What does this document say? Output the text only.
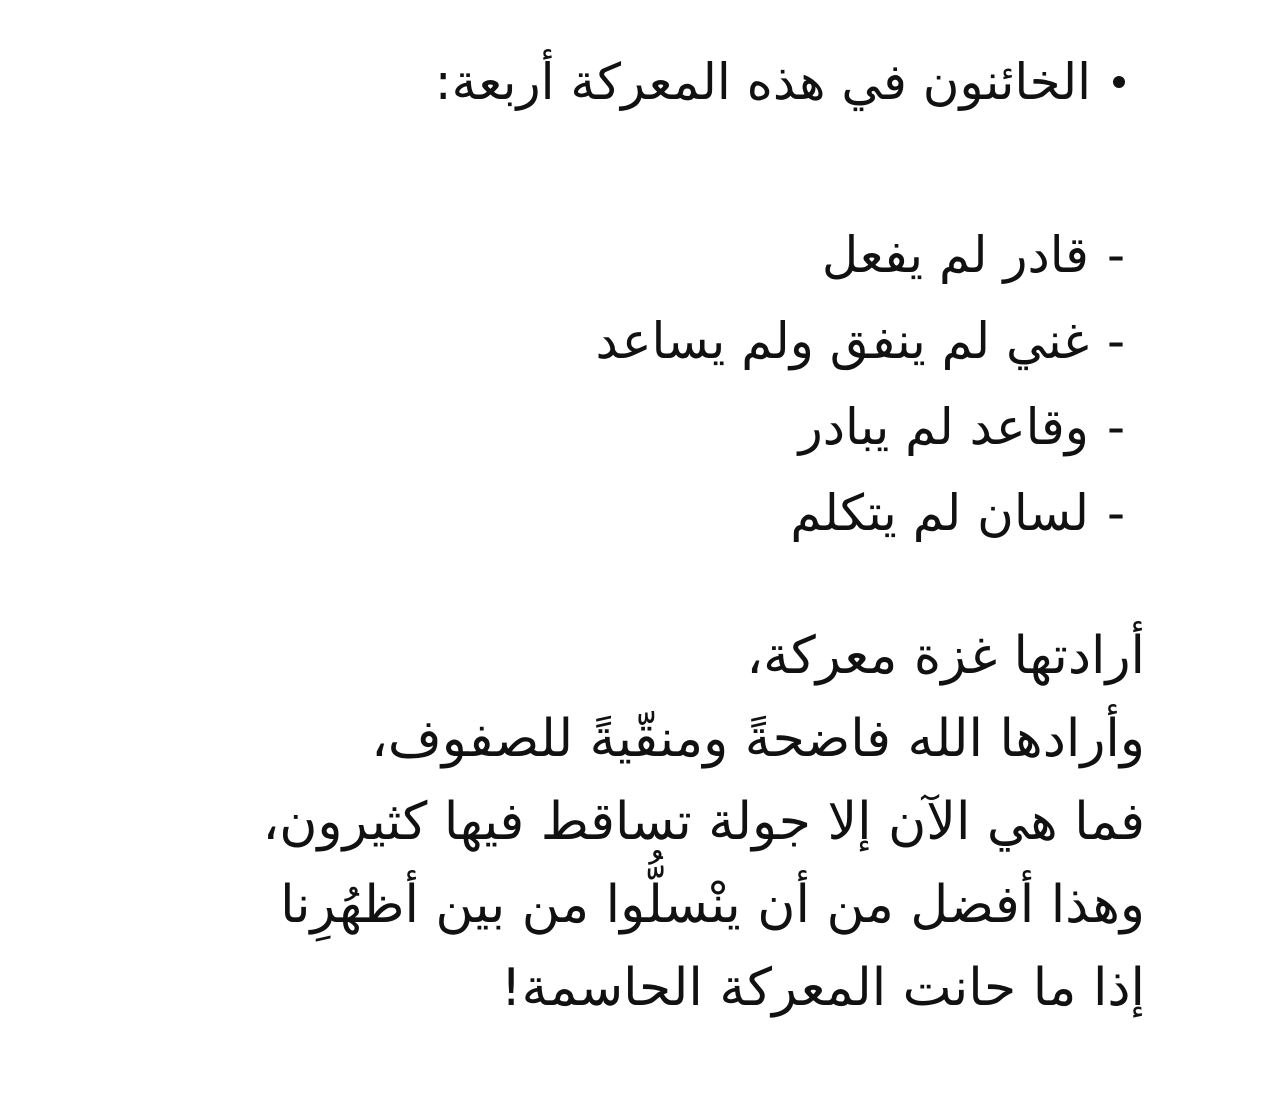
الخائنون في هذه المعركة أربعة:
-قادر لم يفعل
-غني لم ينفق ولم يساعد
-وقاعد لم يبادر
-لسان لم يتكلم

أرادتها غزة معركة،
وأرادها الله فاضحةً ومنقّيةً للصفوف،
فما هي الآن إلا جولة تساقط فيها كثيرون،
وهذا أفضل من أن ينْسلُّوا من بين أظهُرِنا
إذا ما حانت المعركة الحاسمة!
